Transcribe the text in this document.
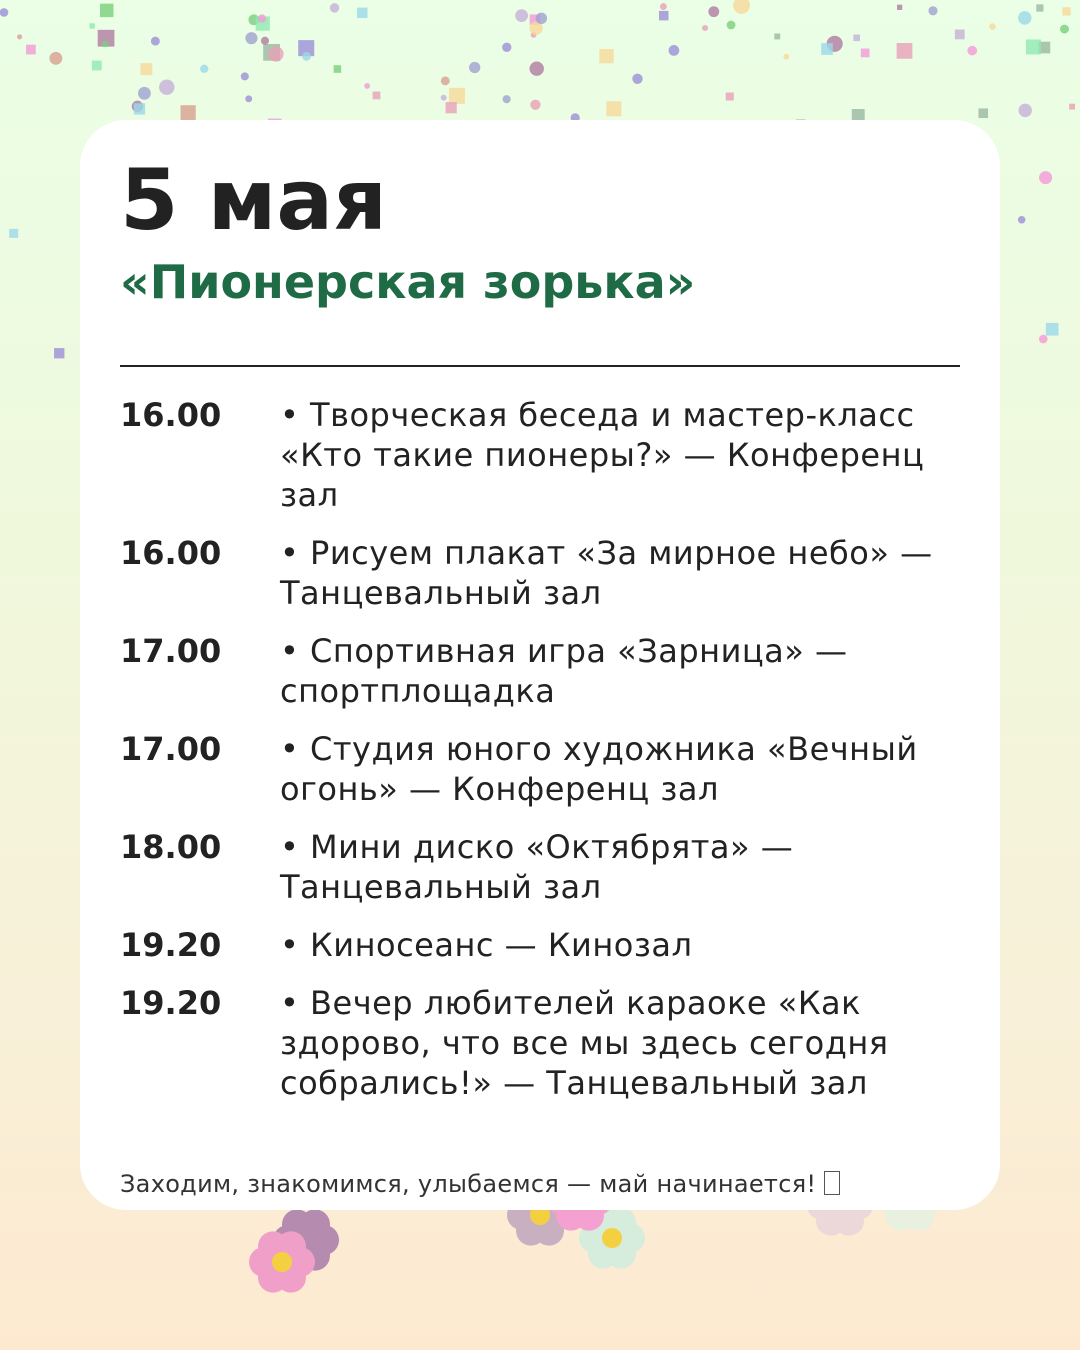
5 мая
«Пионерская зорька»
16.00	• Творческая беседа и мастер-класс «Кто такие пионеры?» — Конференц зал
16.00	• Рисуем плакат «За мирное небо» — Танцевальный зал
17.00	• Спортивная игра «Зарница» — спортплощадка
17.00	• Студия юного художника «Вечный огонь» — Конференц зал
18.00	• Мини диско «Октябрята» — Танцевальный зал
19.20	• Киносеанс — Кинозал
19.20	• Вечер любителей караоке «Как здорово, что все мы здесь сегодня собрались!» — Танцевальный зал
Заходим, знакомимся, улыбаемся — май начинается!
